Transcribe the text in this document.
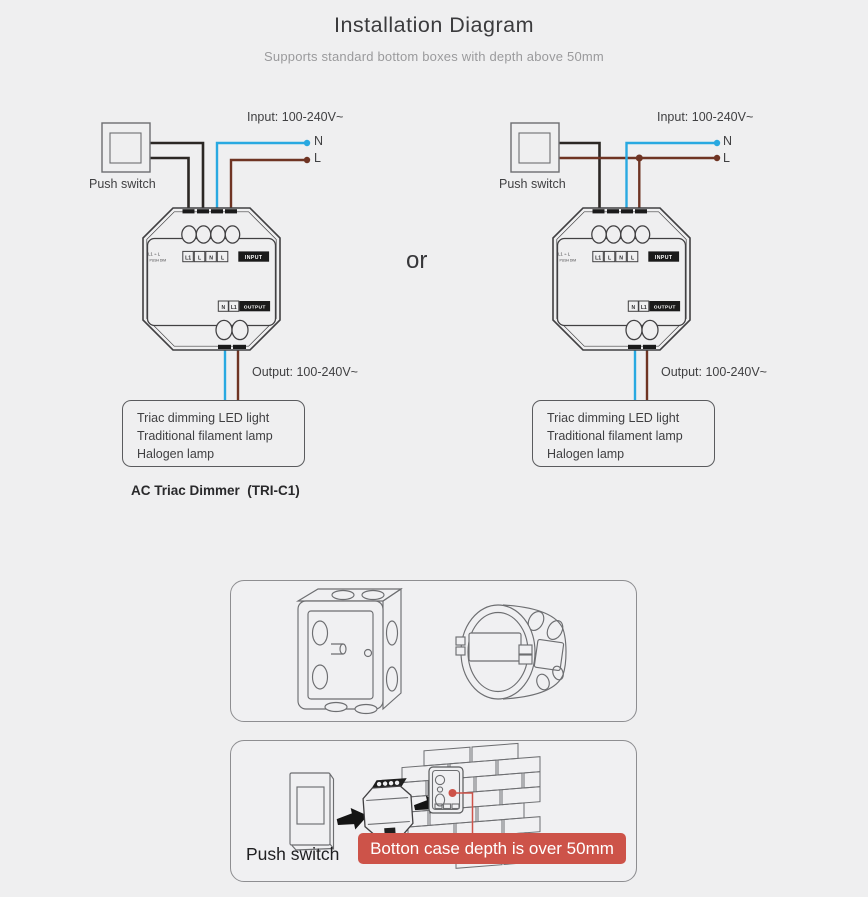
Installation Diagram
Supports standard bottom boxes with depth above 50mm
Input: 100-240V~
N
L
Push switch
Output: 100-240V~
Triac dimming LED light
Traditional filament lamp
Halogen lamp
AC Triac Dimmer  (TRI-C1)
or
Input: 100-240V~
N
L
Push switch
Output: 100-240V~
Triac dimming LED light
Traditional filament lamp
Halogen lamp
Botton case depth is over 50mm
Push switch
